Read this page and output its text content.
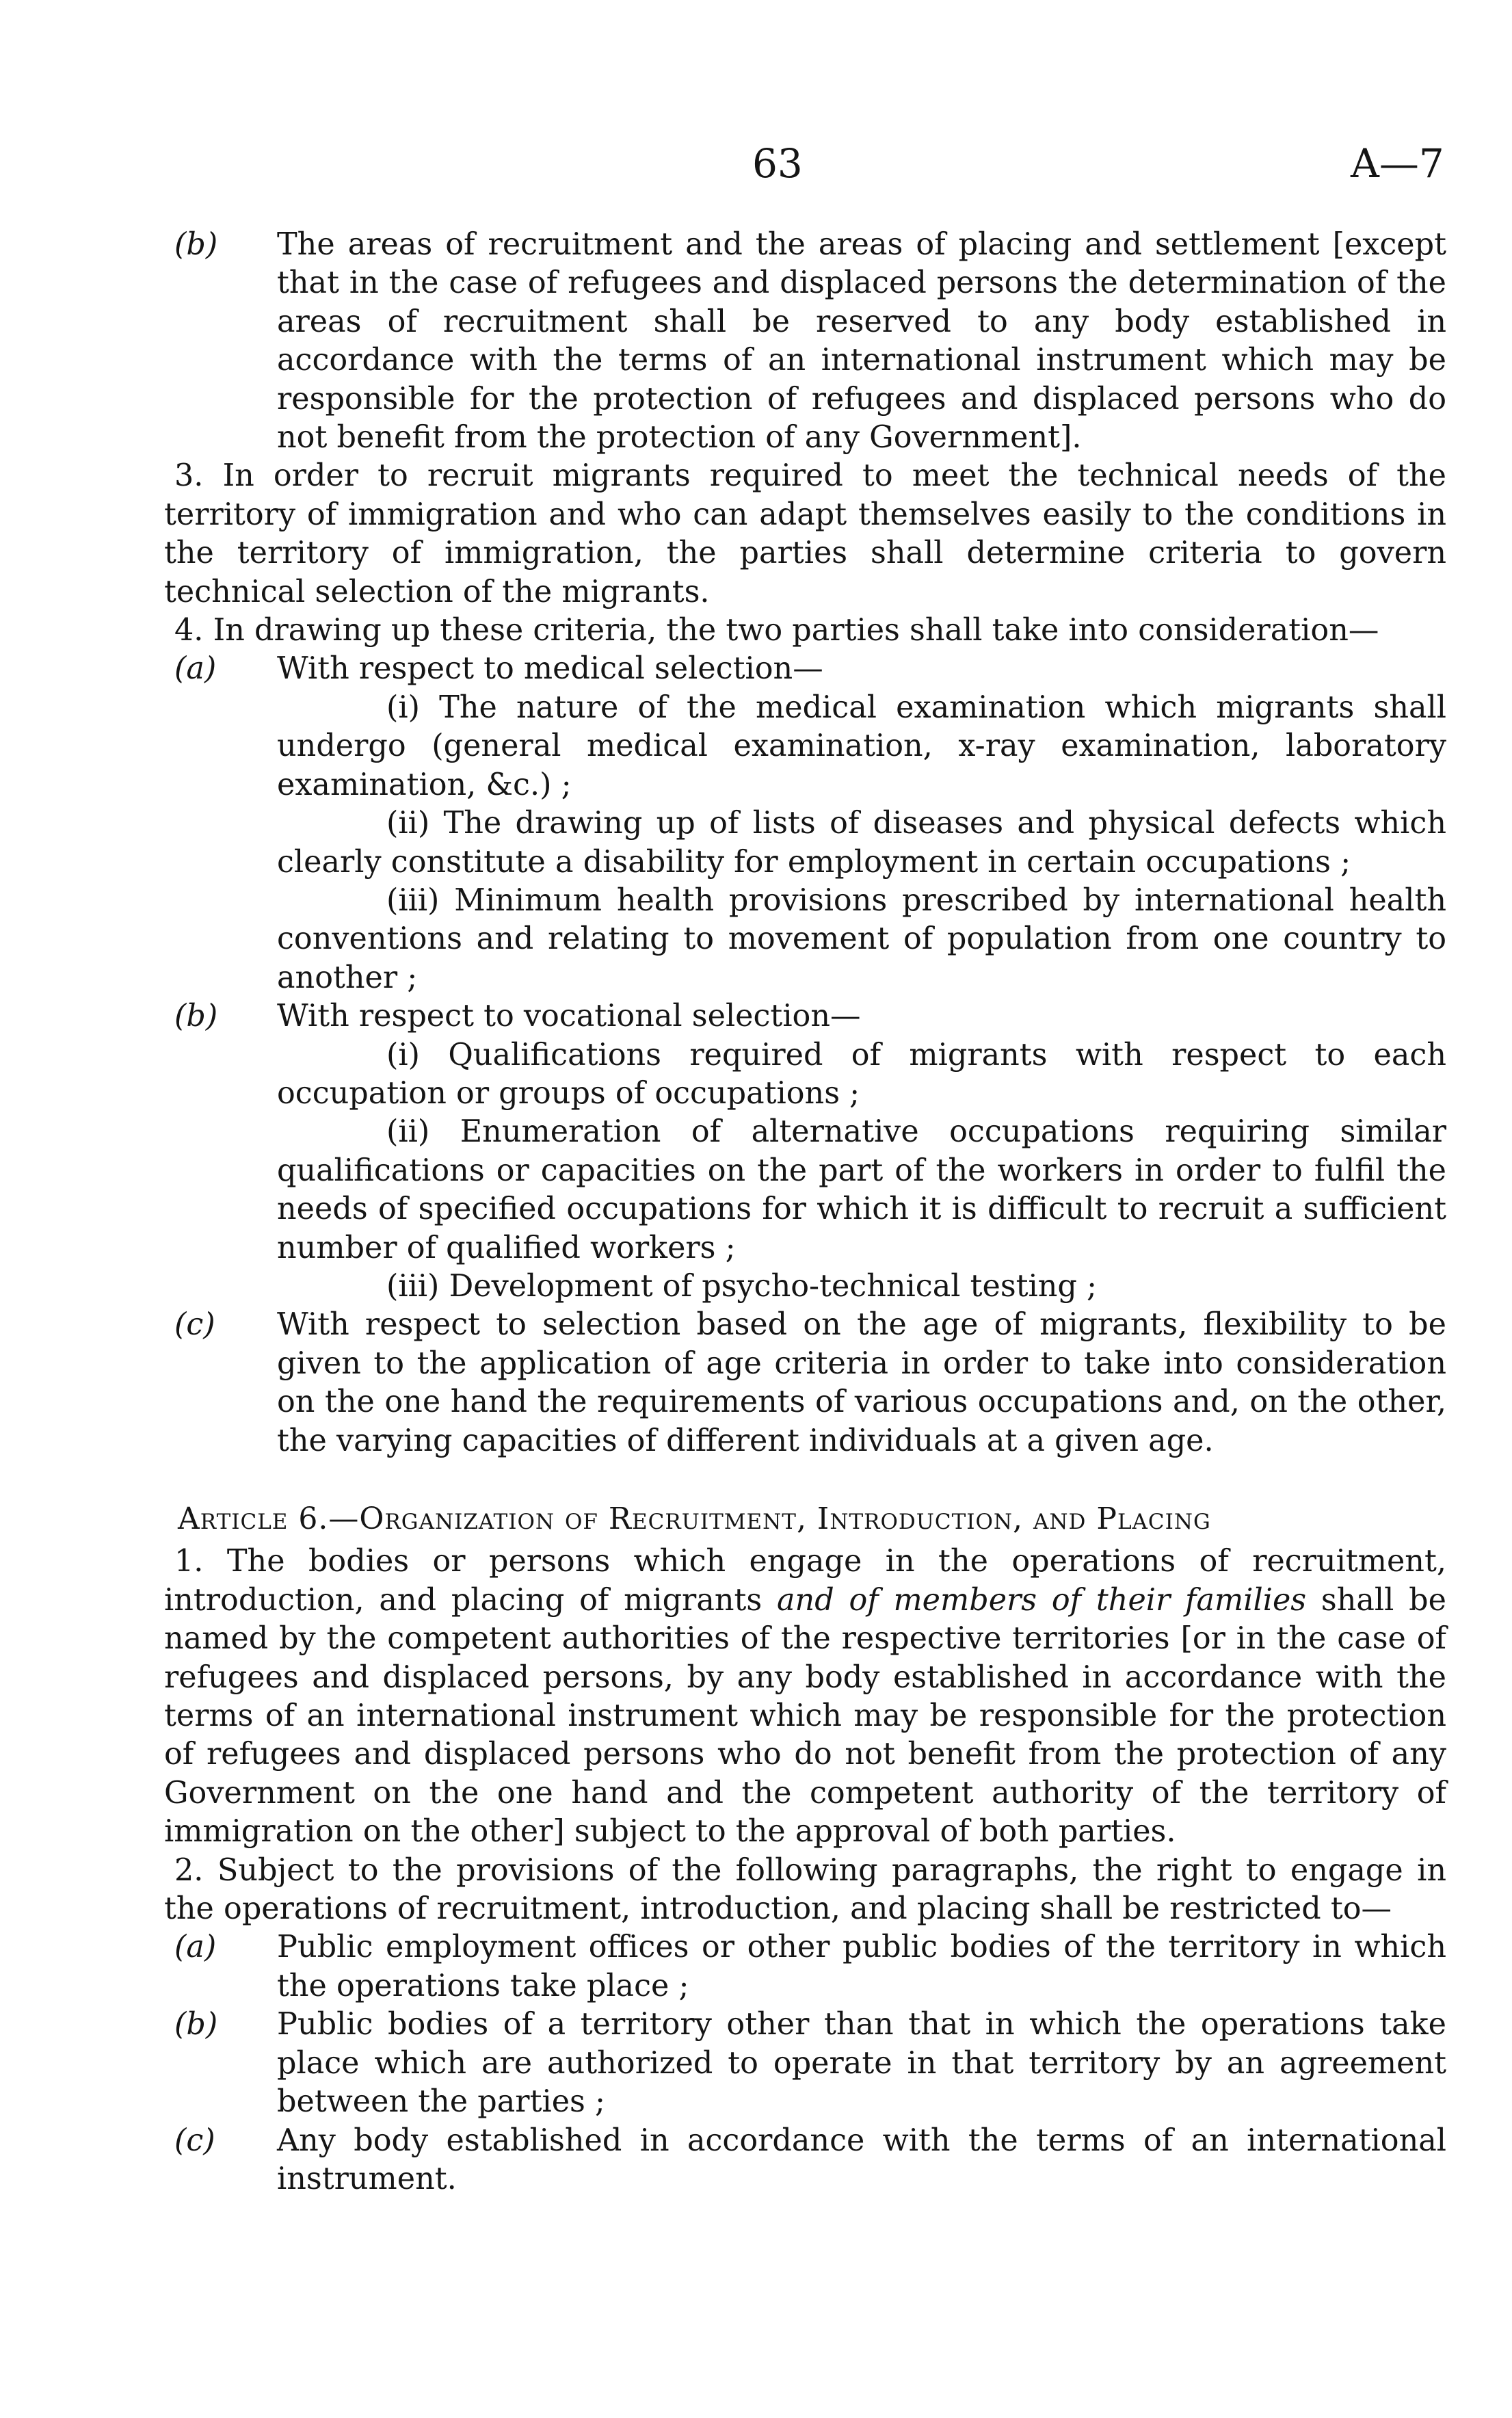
63	A—7

(b) The areas of recruitment and the areas of placing and settlement [except that in the case of refugees and displaced persons the determination of the areas of recruitment shall be reserved to any body established in accordance with the terms of an international instrument which may be responsible for the protection of refugees and displaced persons who do not benefit from the protection of any Government].

3. In order to recruit migrants required to meet the technical needs of the territory of immigration and who can adapt themselves easily to the conditions in the territory of immigration, the parties shall determine criteria to govern technical selection of the migrants.

4. In drawing up these criteria, the two parties shall take into consideration—

(a) With respect to medical selection—

(i) The nature of the medical examination which migrants shall undergo (general medical examination, x-ray examination, laboratory examination, &c.) ;

(ii) The drawing up of lists of diseases and physical defects which clearly constitute a disability for employment in certain occupations ;

(iii) Minimum health provisions prescribed by international health conventions and relating to movement of population from one country to another ;

(b) With respect to vocational selection—

(i) Qualifications required of migrants with respect to each occupation or groups of occupations ;

(ii) Enumeration of alternative occupations requiring similar qualifications or capacities on the part of the workers in order to fulfil the needs of specified occupations for which it is difficult to recruit a sufficient number of qualified workers ;

(iii) Development of psycho-technical testing ;

(c) With respect to selection based on the age of migrants, flexibility to be given to the application of age criteria in order to take into consideration on the one hand the requirements of various occupations and, on the other, the varying capacities of different individuals at a given age.

Article 6.—Organization of Recruitment, Introduction, and Placing

1. The bodies or persons which engage in the operations of recruitment, introduction, and placing of migrants and of members of their families shall be named by the competent authorities of the respective territories [or in the case of refugees and displaced persons, by any body established in accordance with the terms of an international instrument which may be responsible for the protection of refugees and displaced persons who do not benefit from the protection of any Government on the one hand and the competent authority of the territory of immigration on the other] subject to the approval of both parties.

2. Subject to the provisions of the following paragraphs, the right to engage in the operations of recruitment, introduction, and placing shall be restricted to—

(a) Public employment offices or other public bodies of the territory in which the operations take place ;

(b) Public bodies of a territory other than that in which the operations take place which are authorized to operate in that territory by an agreement between the parties ;

(c) Any body established in accordance with the terms of an international instrument.
